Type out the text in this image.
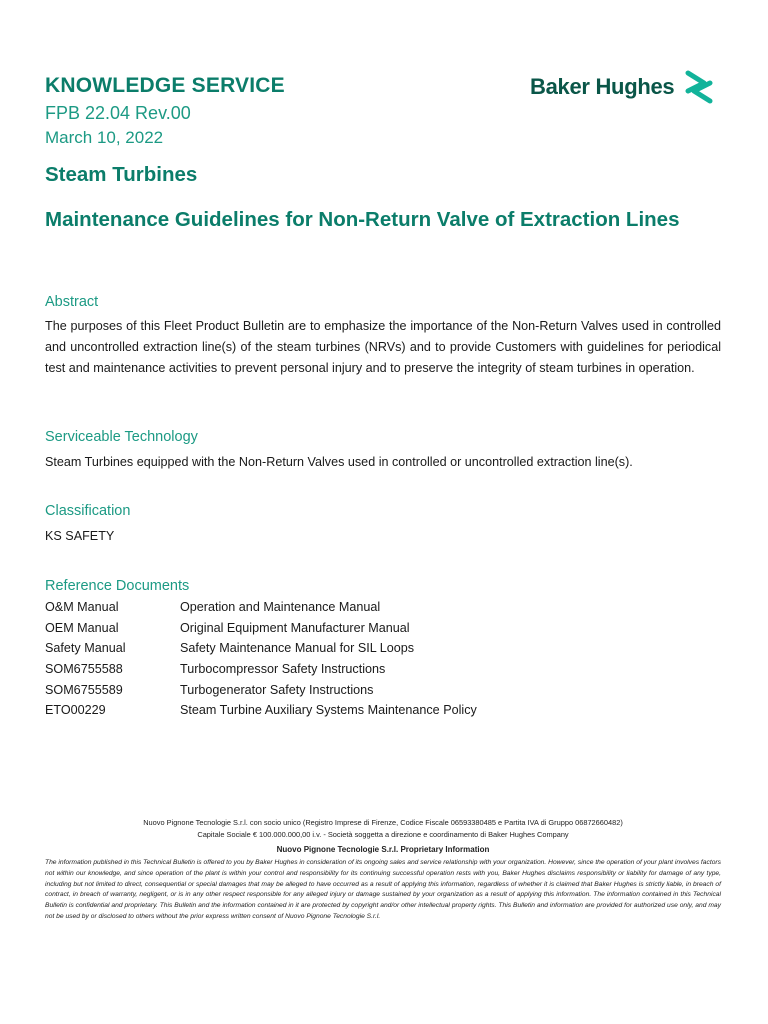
KNOWLEDGE SERVICE
FPB 22.04 Rev.00
March 10, 2022
Baker Hughes
Steam Turbines
Maintenance Guidelines for Non-Return Valve of Extraction Lines
Abstract
The purposes of this Fleet Product Bulletin are to emphasize the importance of the Non-Return Valves used in controlled and uncontrolled extraction line(s) of the steam turbines (NRVs) and to provide Customers with guidelines for periodical test and maintenance activities to prevent personal injury and to preserve the integrity of steam turbines in operation.
Serviceable Technology
Steam Turbines equipped with the Non-Return Valves used in controlled or uncontrolled extraction line(s).
Classification
KS SAFETY
Reference Documents
O&M Manual	Operation and Maintenance Manual
OEM Manual	Original Equipment Manufacturer Manual
Safety Manual	Safety Maintenance Manual for SIL Loops
SOM6755588	Turbocompressor Safety Instructions
SOM6755589	Turbogenerator Safety Instructions
ETO00229	Steam Turbine Auxiliary Systems Maintenance Policy
Nuovo Pignone Tecnologie S.r.l. con socio unico (Registro Imprese di Firenze, Codice Fiscale 06593380485 e Partita IVA di Gruppo 06872660482)
Capitale Sociale € 100.000.000,00 i.v. - Società soggetta a direzione e coordinamento di Baker Hughes Company
Nuovo Pignone Tecnologie S.r.l. Proprietary Information
The information published in this Technical Bulletin is offered to you by Baker Hughes in consideration of its ongoing sales and service relationship with your organization. However, since the operation of your plant involves factors not within our knowledge, and since operation of the plant is within your control and responsibility for its continuing successful operation rests with you, Baker Hughes disclaims responsibility or liability for damage of any type, including but not limited to direct, consequential or special damages that may be alleged to have occurred as a result of applying this information, regardless of whether it is claimed that Baker Hughes is strictly liable, in breach of contract, in breach of warranty, negligent, or is in any other respect responsible for any alleged injury or damage sustained by your organization as a result of applying this information. The information contained in this Technical Bulletin is confidential and proprietary. This Bulletin and the information contained in it are protected by copyright and/or other intellectual property rights. This Bulletin and information are provided for authorized use only, and may not be used by or disclosed to others without the prior express written consent of Nuovo Pignone Tecnologie S.r.l.
